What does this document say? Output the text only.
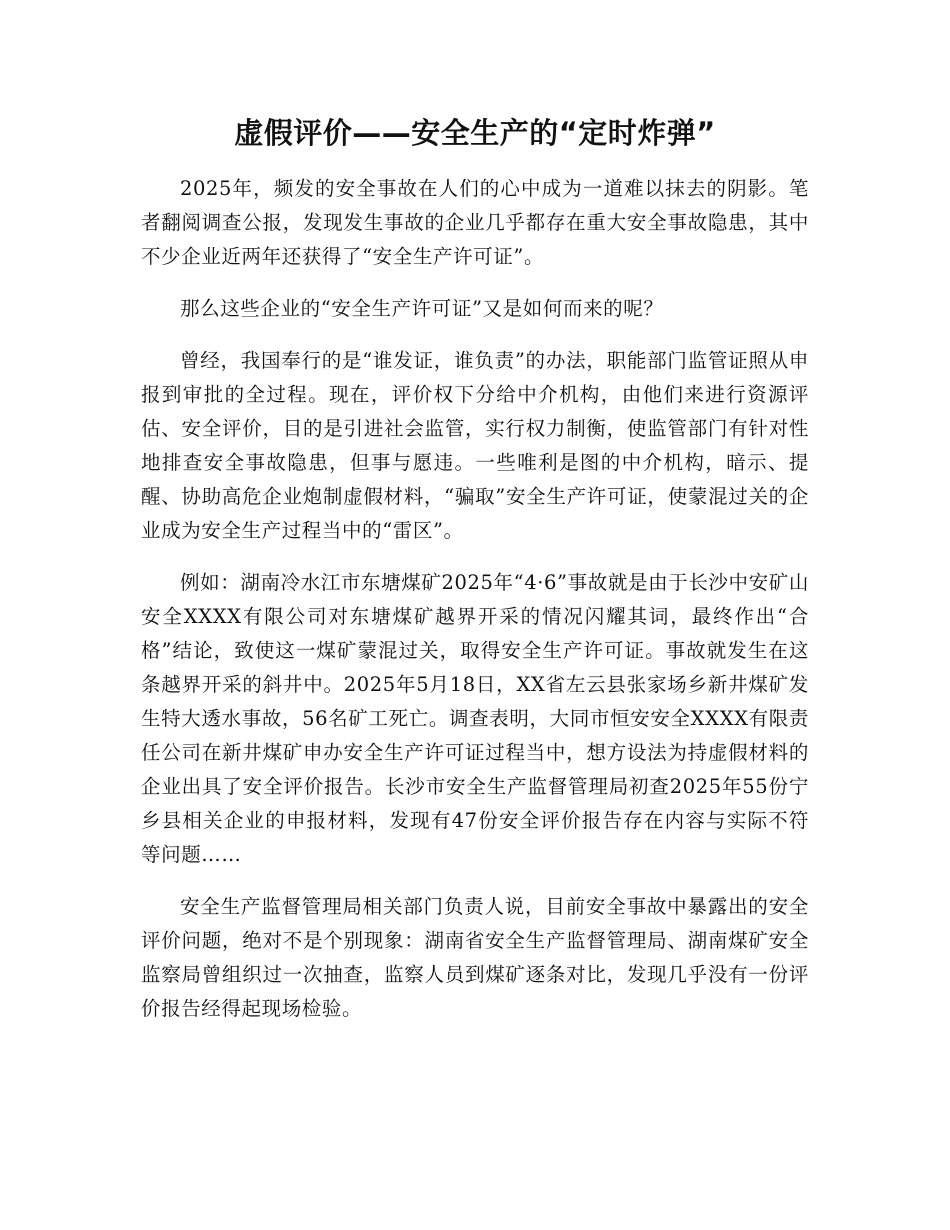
虚假评价——安全生产的“定时炸弹”

2025年，频发的安全事故在人们的心中成为一道难以抹去的阴影。笔者翻阅调查公报，发现发生事故的企业几乎都存在重大安全事故隐患，其中不少企业近两年还获得了“安全生产许可证”。

那么这些企业的“安全生产许可证”又是如何而来的呢？

曾经，我国奉行的是“谁发证，谁负责”的办法，职能部门监管证照从申报到审批的全过程。现在，评价权下分给中介机构，由他们来进行资源评估、安全评价，目的是引进社会监管，实行权力制衡，使监管部门有针对性地排查安全事故隐患，但事与愿违。一些唯利是图的中介机构，暗示、提醒、协助高危企业炮制虚假材料，“骗取”安全生产许可证，使蒙混过关的企业成为安全生产过程当中的“雷区”。

例如：湖南冷水江市东塘煤矿2025年“4·6”事故就是由于长沙中安矿山安全XXXX有限公司对东塘煤矿越界开采的情况闪耀其词，最终作出“合格”结论，致使这一煤矿蒙混过关，取得安全生产许可证。事故就发生在这条越界开采的斜井中。2025年5月18日，XX省左云县张家场乡新井煤矿发生特大透水事故，56名矿工死亡。调查表明，大同市恒安安全XXXX有限责任公司在新井煤矿申办安全生产许可证过程当中，想方设法为持虚假材料的企业出具了安全评价报告。长沙市安全生产监督管理局初查2025年55份宁乡县相关企业的申报材料，发现有47份安全评价报告存在内容与实际不符等问题……

安全生产监督管理局相关部门负责人说，目前安全事故中暴露出的安全评价问题，绝对不是个别现象：湖南省安全生产监督管理局、湖南煤矿安全监察局曾组织过一次抽查，监察人员到煤矿逐条对比，发现几乎没有一份评价报告经得起现场检验。
